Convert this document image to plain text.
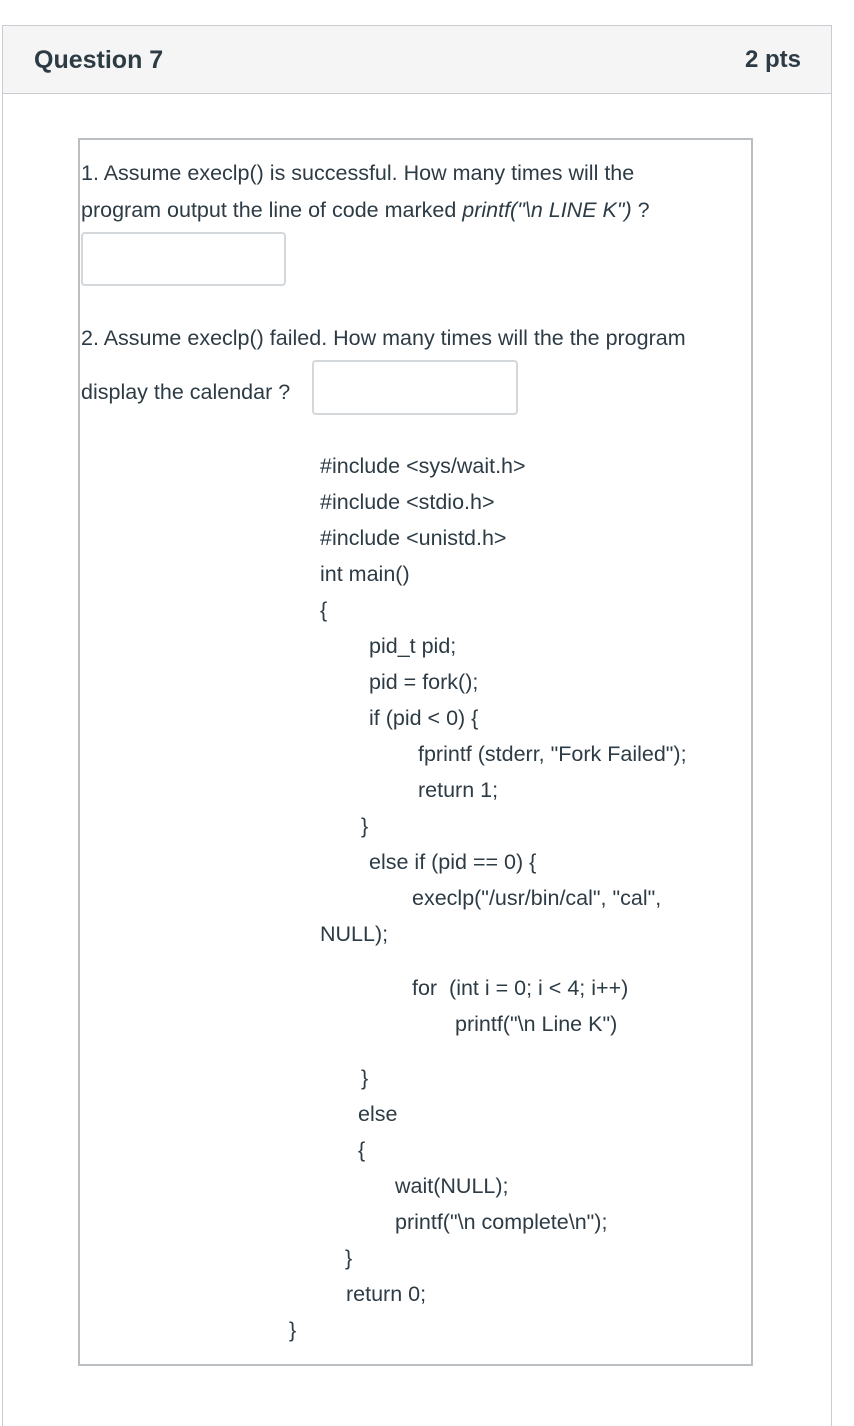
Question 7	2 pts
1. Assume execlp() is successful. How many times will the
program output the line of code marked printf("\n LINE K") ?
2. Assume execlp() failed. How many times will the the program
display the calendar ?
#include <sys/wait.h>
#include <stdio.h>
#include <unistd.h>
int main()
{
pid_t pid;
pid = fork();
if (pid < 0) {
fprintf (stderr, "Fork Failed");
return 1;
}
else if (pid == 0) {
execlp("/usr/bin/cal", "cal",
NULL);
for  (int i = 0; i < 4; i++)
printf("\n Line K")
}
else
{
wait(NULL);
printf("\n complete\n");
}
return 0;
}
